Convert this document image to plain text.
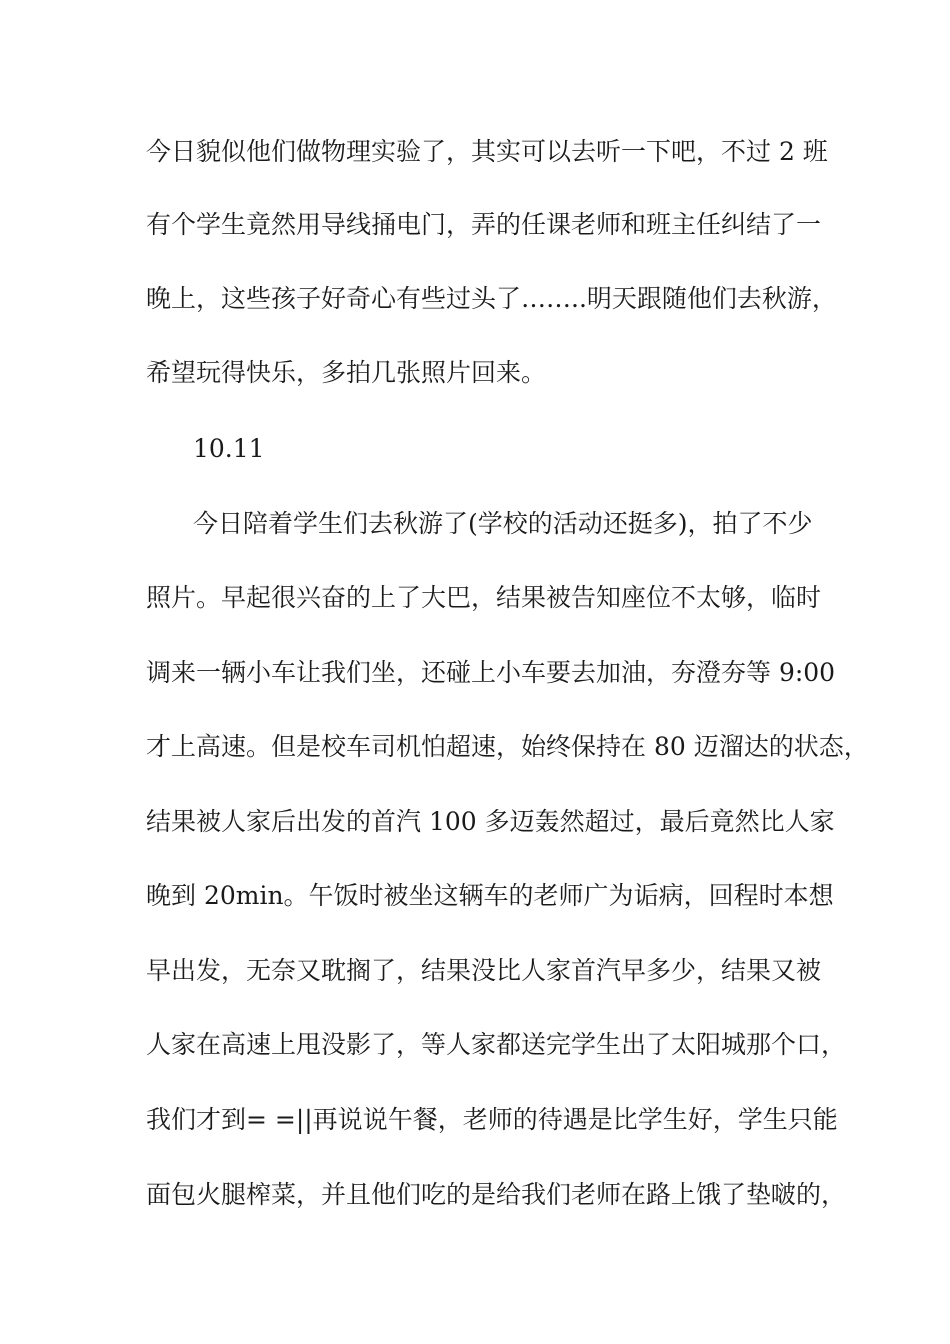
今日貌似他们做物理实验了，其实可以去听一下吧，不过 2 班
有个学生竟然用导线捅电门，弄的任课老师和班主任纠结了一
晚上，这些孩子好奇心有些过头了……..明天跟随他们去秋游，
希望玩得快乐，多拍几张照片回来。
10.11
今日陪着学生们去秋游了(学校的活动还挺多)，拍了不少
照片。早起很兴奋的上了大巴，结果被告知座位不太够，临时
调来一辆小车让我们坐，还碰上小车要去加油，夯澄夯等 9:00
才上高速。但是校车司机怕超速，始终保持在 80 迈溜达的状态，
结果被人家后出发的首汽 100 多迈轰然超过，最后竟然比人家
晚到 20min。午饭时被坐这辆车的老师广为诟病，回程时本想
早出发，无奈又耽搁了，结果没比人家首汽早多少，结果又被
人家在高速上甩没影了，等人家都送完学生出了太阳城那个口，
我们才到= =||再说说午餐，老师的待遇是比学生好，学生只能
面包火腿榨菜，并且他们吃的是给我们老师在路上饿了垫啵的，
